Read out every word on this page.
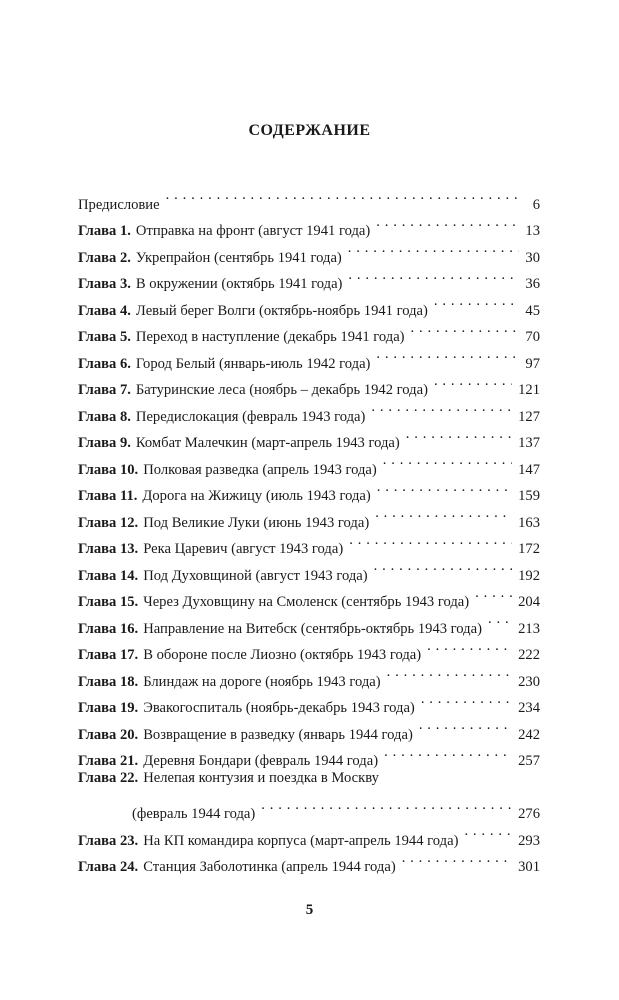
СОДЕРЖАНИЕ
Предисловие . . .	6
Глава 1. Отправка на фронт (август 1941 года) . . .	13
Глава 2. Укрепрайон (сентябрь 1941 года) . . .	30
Глава 3. В окружении (октябрь 1941 года) . . .	36
Глава 4. Левый берег Волги (октябрь-ноябрь 1941 года) . . .	45
Глава 5. Переход в наступление (декабрь 1941 года) . . .	70
Глава 6. Город Белый (январь-июль 1942 года) . . .	97
Глава 7. Батуринские леса (ноябрь – декабрь 1942 года) . . .	121
Глава 8. Передислокация (февраль 1943 года) . . .	127
Глава 9. Комбат Малечкин (март-апрель 1943 года) . . .	137
Глава 10. Полковая разведка (апрель 1943 года) . . .	147
Глава 11. Дорога на Жижицу (июль 1943 года) . . .	159
Глава 12. Под Великие Луки (июнь 1943 года) . . .	163
Глава 13. Река Царевич (август 1943 года) . . .	172
Глава 14. Под Духовщиной (август 1943 года) . . .	192
Глава 15. Через Духовщину на Смоленск (сентябрь 1943 года) . . .	204
Глава 16. Направление на Витебск (сентябрь-октябрь 1943 года) . . . 213
Глава 17. В обороне после Лиозно (октябрь 1943 года) . . .	222
Глава 18. Блиндаж на дороге (ноябрь 1943 года) . . .	230
Глава 19. Эвакогоспиталь (ноябрь-декабрь 1943 года) . . .	234
Глава 20. Возвращение в разведку (январь 1944 года) . . .	242
Глава 21. Деревня Бондари (февраль 1944 года) . . .	257
Глава 22. Нелепая контузия и поездка в Москву
(февраль 1944 года) . . .	276
Глава 23. На КП командира корпуса (март-апрель 1944 года) . . .	293
Глава 24. Станция Заболотинка (апрель 1944 года) . . .	301
5
